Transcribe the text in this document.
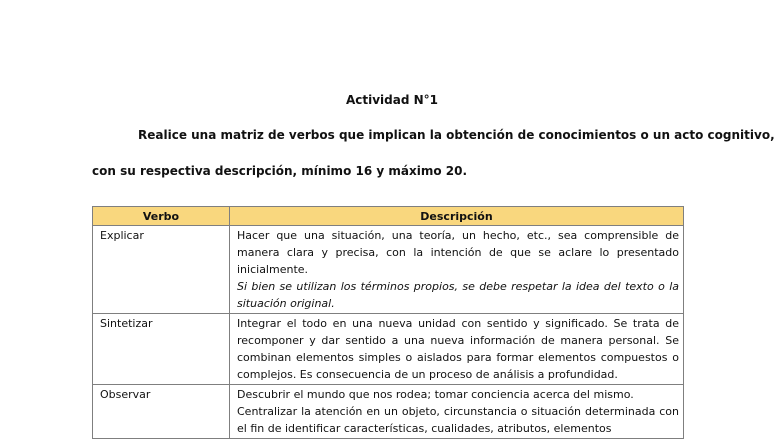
Actividad N°1
Realice una matriz de verbos que implican la obtención de conocimientos o un acto cognitivo,
con su respectiva descripción, mínimo 16 y máximo 20.
Verbo	Descripción
Explicar	Hacer que una situación, una teoría, un hecho, etc., sea comprensible de manera clara y precisa, con la intención de que se aclare lo presentado inicialmente.

Si bien se utilizan los términos propios, se debe respetar la idea del texto o la situación original.

Sintetizar	Integrar el todo en una nueva unidad con sentido y significado. Se trata de recomponer y dar sentido a una nueva información de manera personal. Se combinan elementos simples o aislados para formar elementos compuestos o complejos. Es consecuencia de un proceso de análisis a profundidad.

Observar	Descubrir el mundo que nos rodea; tomar conciencia acerca del mismo.

Centralizar la atención en un objeto, circunstancia o situación determinada con el fin de identificar características, cualidades, atributos, elementos
